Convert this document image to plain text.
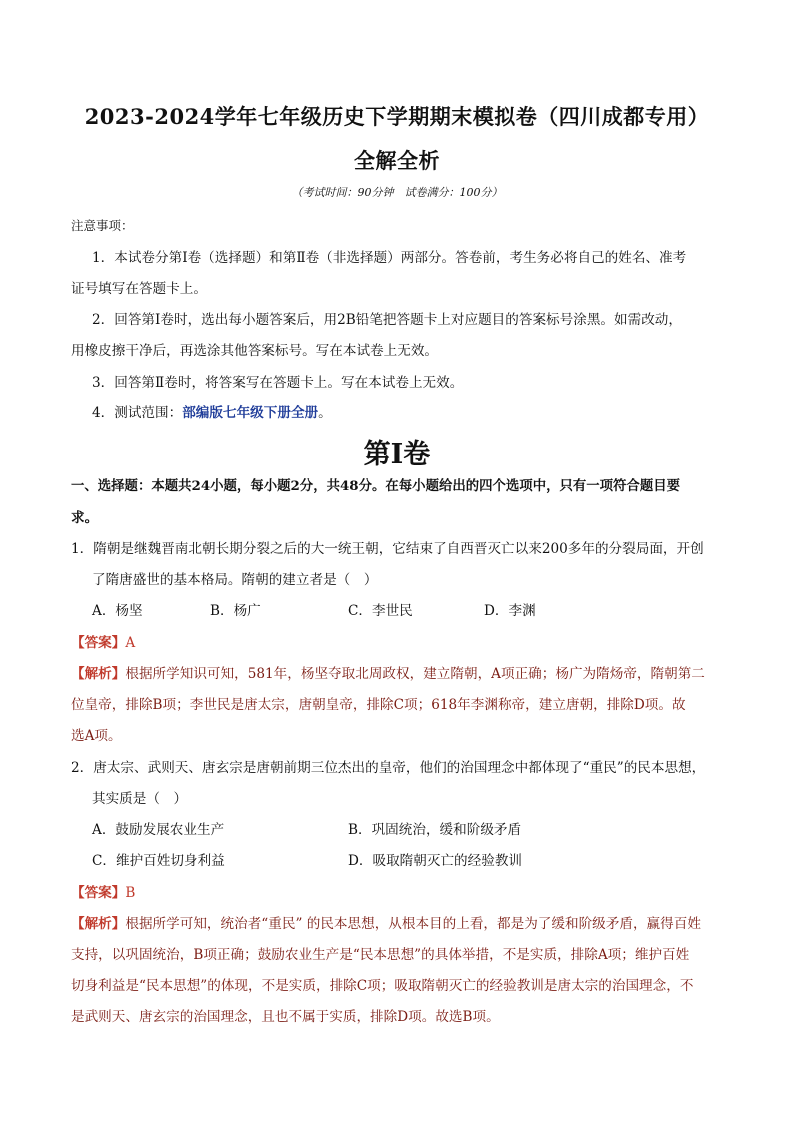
2023-2024学年七年级历史下学期期末模拟卷（四川成都专用）
全解全析
（考试时间：90分钟　试卷满分：100分）
注意事项：
1．本试卷分第Ⅰ卷（选择题）和第Ⅱ卷（非选择题）两部分。答卷前，考生务必将自己的姓名、准考
证号填写在答题卡上。
2．回答第Ⅰ卷时，选出每小题答案后，用2B铅笔把答题卡上对应题目的答案标号涂黑。如需改动，
用橡皮擦干净后，再选涂其他答案标号。写在本试卷上无效。
3．回答第Ⅱ卷时，将答案写在答题卡上。写在本试卷上无效。
4．测试范围：部编版七年级下册全册。
第Ⅰ卷
一、选择题：本题共24小题，每小题2分，共48分。在每小题给出的四个选项中，只有一项符合题目要
求。
1．隋朝是继魏晋南北朝长期分裂之后的大一统王朝，它结束了自西晋灭亡以来200多年的分裂局面，开创
了隋唐盛世的基本格局。隋朝的建立者是（　）
A．杨坚	B．杨广	C．李世民	D．李渊
【答案】A
【解析】根据所学知识可知，581年，杨坚夺取北周政权，建立隋朝，A项正确；杨广为隋炀帝，隋朝第二
位皇帝，排除B项；李世民是唐太宗，唐朝皇帝，排除C项；618年李渊称帝，建立唐朝，排除D项。故
选A项。
2．唐太宗、武则天、唐玄宗是唐朝前期三位杰出的皇帝，他们的治国理念中都体现了“重民”的民本思想，
其实质是（　）
A．鼓励发展农业生产	B．巩固统治，缓和阶级矛盾
C．维护百姓切身利益	D．吸取隋朝灭亡的经验教训
【答案】B
【解析】根据所学可知，统治者“重民” 的民本思想，从根本目的上看，都是为了缓和阶级矛盾，赢得百姓
支持，以巩固统治，B项正确；鼓励农业生产是“民本思想”的具体举措，不是实质，排除A项；维护百姓
切身利益是“民本思想”的体现，不是实质，排除C项；吸取隋朝灭亡的经验教训是唐太宗的治国理念，不
是武则天、唐玄宗的治国理念，且也不属于实质，排除D项。故选B项。
